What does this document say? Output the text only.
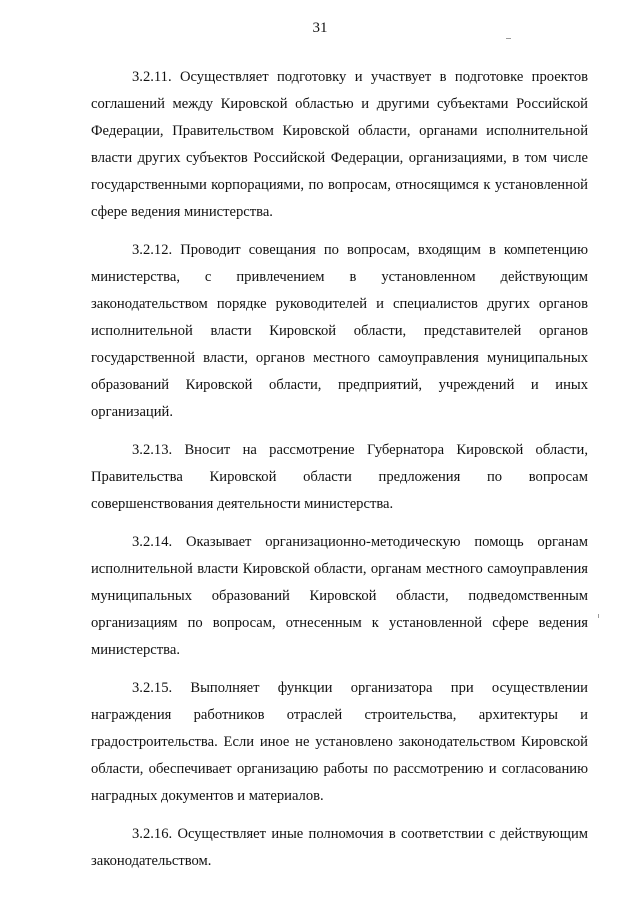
31

3.2.11. Осуществляет подготовку и участвует в подготовке проектов соглашений между Кировской областью и другими субъектами Российской Федерации, Правительством Кировской области, органами исполнительной власти других субъектов Российской Федерации, организациями, в том числе государственными корпорациями, по вопросам, относящимся к установленной сфере ведения министерства.

3.2.12. Проводит совещания по вопросам, входящим в компетенцию министерства, с привлечением в установленном действующим законодательством порядке руководителей и специалистов других органов исполнительной власти Кировской области, представителей органов государственной власти, органов местного самоуправления муниципальных образований Кировской области, предприятий, учреждений и иных организаций.

3.2.13. Вносит на рассмотрение Губернатора Кировской области, Правительства Кировской области предложения по вопросам совершенствования деятельности министерства.

3.2.14. Оказывает организационно-методическую помощь органам исполнительной власти Кировской области, органам местного самоуправления муниципальных образований Кировской области, подведомственным организациям по вопросам, отнесенным к установленной сфере ведения министерства.

3.2.15. Выполняет функции организатора при осуществлении награждения работников отраслей строительства, архитектуры и градостроительства. Если иное не установлено законодательством Кировской области, обеспечивает организацию работы по рассмотрению и согласованию наградных документов и материалов.

3.2.16. Осуществляет иные полномочия в соответствии с действующим законодательством.
